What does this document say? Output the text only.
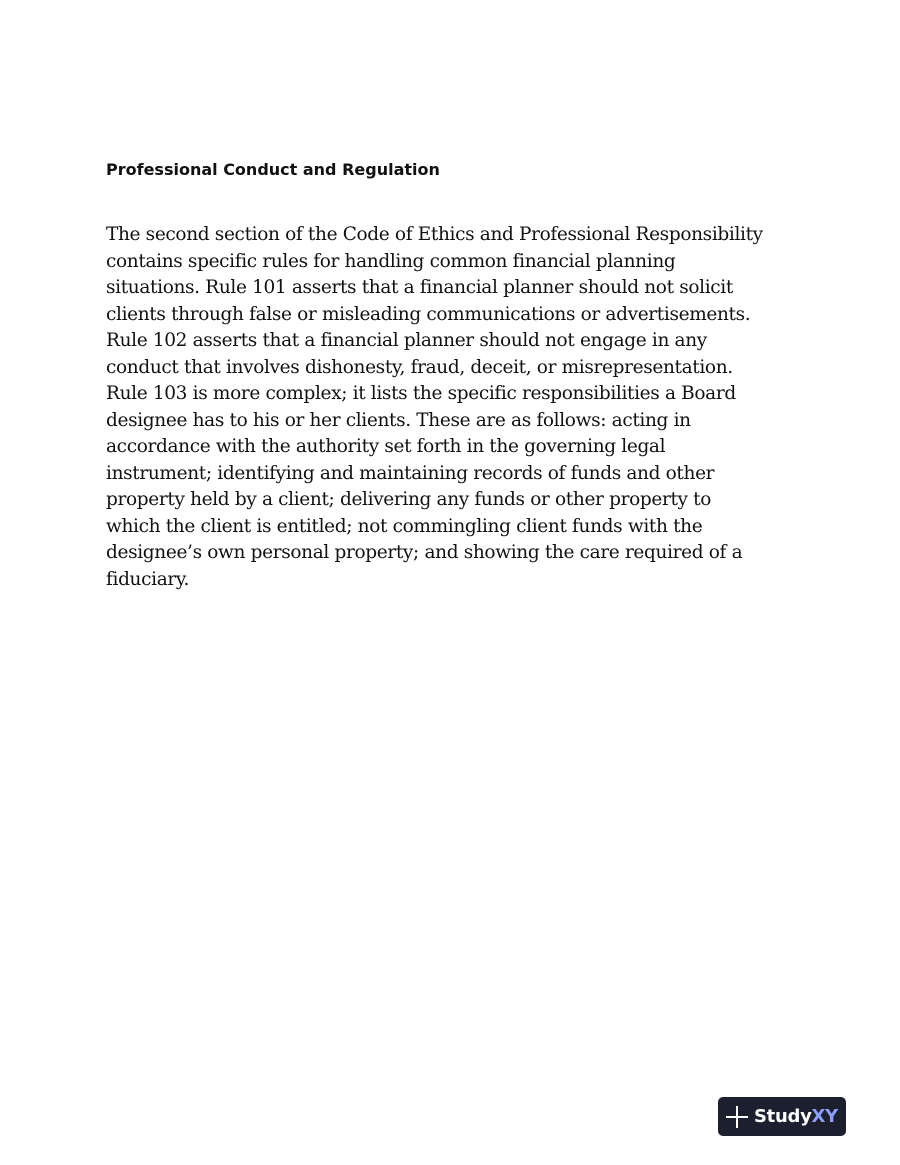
Professional Conduct and Regulation

The second section of the Code of Ethics and Professional Responsibility
contains specific rules for handling common financial planning
situations. Rule 101 asserts that a financial planner should not solicit
clients through false or misleading communications or advertisements.
Rule 102 asserts that a financial planner should not engage in any
conduct that involves dishonesty, fraud, deceit, or misrepresentation.
Rule 103 is more complex; it lists the specific responsibilities a Board
designee has to his or her clients. These are as follows: acting in
accordance with the authority set forth in the governing legal
instrument; identifying and maintaining records of funds and other
property held by a client; delivering any funds or other property to
which the client is entitled; not commingling client funds with the
designee’s own personal property; and showing the care required of a
fiduciary.

StudyXY
